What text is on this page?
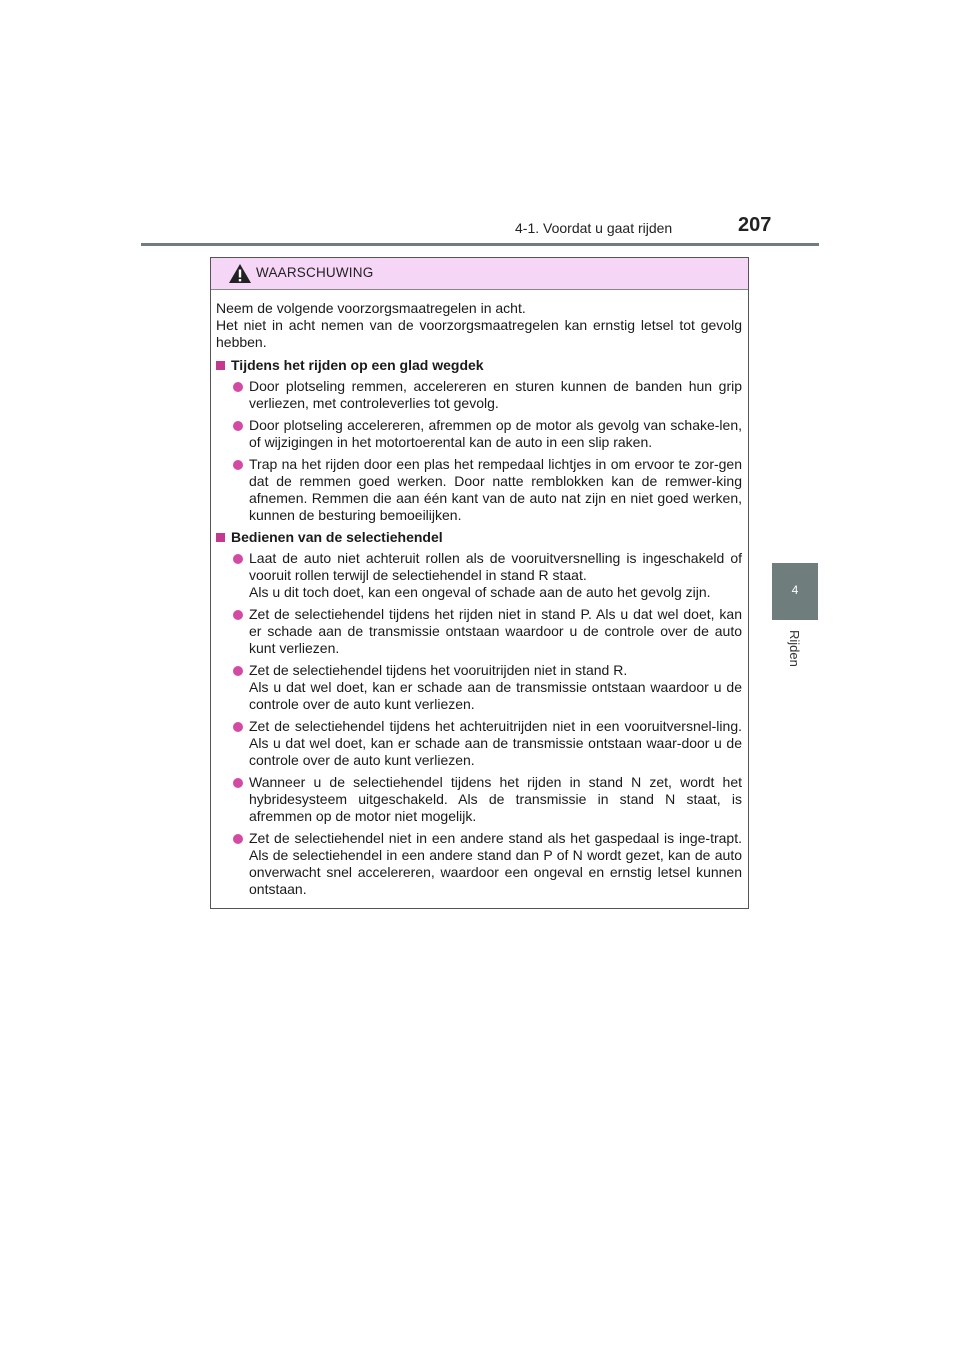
4-1. Voordat u gaat rijden	207
4
Rijden
WAARSCHUWING

Neem de volgende voorzorgsmaatregelen in acht.

Het niet in acht nemen van de voorzorgsmaatregelen kan ernstig letsel tot gevolg hebben.

Tijdens het rijden op een glad wegdek
Door plotseling remmen, accelereren en sturen kunnen de banden hun grip verliezen, met controleverlies tot gevolg.
Door plotseling accelereren, afremmen op de motor als gevolg van schake-len, of wijzigingen in het motortoerental kan de auto in een slip raken.
Trap na het rijden door een plas het rempedaal lichtjes in om ervoor te zor-gen dat de remmen goed werken. Door natte remblokken kan de remwer-king afnemen. Remmen die aan één kant van de auto nat zijn en niet goed werken, kunnen de besturing bemoeilijken.
Bedienen van de selectiehendel
Laat de auto niet achteruit rollen als de vooruitversnelling is ingeschakeld of vooruit rollen terwijl de selectiehendel in stand R staat.
Als u dit toch doet, kan een ongeval of schade aan de auto het gevolg zijn.
Zet de selectiehendel tijdens het rijden niet in stand P. Als u dat wel doet, kan er schade aan de transmissie ontstaan waardoor u de controle over de auto kunt verliezen.
Zet de selectiehendel tijdens het vooruitrijden niet in stand R.
Als u dat wel doet, kan er schade aan de transmissie ontstaan waardoor u de controle over de auto kunt verliezen.
Zet de selectiehendel tijdens het achteruitrijden niet in een vooruitversnel-ling. Als u dat wel doet, kan er schade aan de transmissie ontstaan waar-door u de controle over de auto kunt verliezen.
Wanneer u de selectiehendel tijdens het rijden in stand N zet, wordt het hybridesysteem uitgeschakeld. Als de transmissie in stand N staat, is afremmen op de motor niet mogelijk.
Zet de selectiehendel niet in een andere stand als het gaspedaal is inge-trapt. Als de selectiehendel in een andere stand dan P of N wordt gezet, kan de auto onverwacht snel accelereren, waardoor een ongeval en ernstig letsel kunnen ontstaan.
